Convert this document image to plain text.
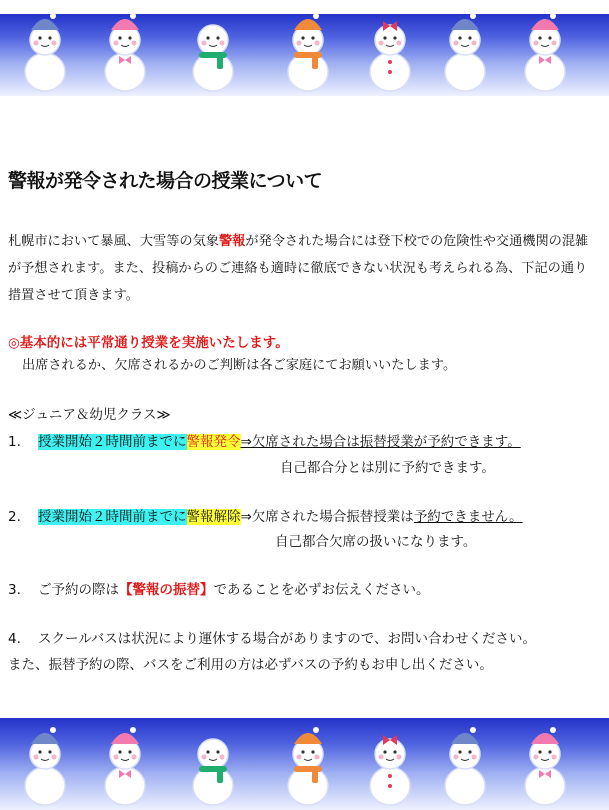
警報が発令された場合の授業について
札幌市において暴風、大雪等の気象警報が発令された場合には登下校での危険性や交通機関の混雑が予想されます。また、投稿からのご連絡も適時に徹底できない状況も考えられる為、下記の通り措置させて頂きます。
◎基本的には平常通り授業を実施いたします。
出席されるか、欠席されるかのご判断は各ご家庭にてお願いいたします。
≪ジュニア＆幼児クラス≫
1. 授業開始２時間前までに警報発令⇒欠席された場合は振替授業が予約できます。
自己都合分とは別に予約できます。
2. 授業開始２時間前までに警報解除⇒欠席された場合振替授業は予約できません。
自己都合欠席の扱いになります。
3. ご予約の際は【警報の振替】であることを必ずお伝えください。
4. スクールバスは状況により運休する場合がありますので、お問い合わせください。
また、振替予約の際、バスをご利用の方は必ずバスの予約もお申し出ください。
